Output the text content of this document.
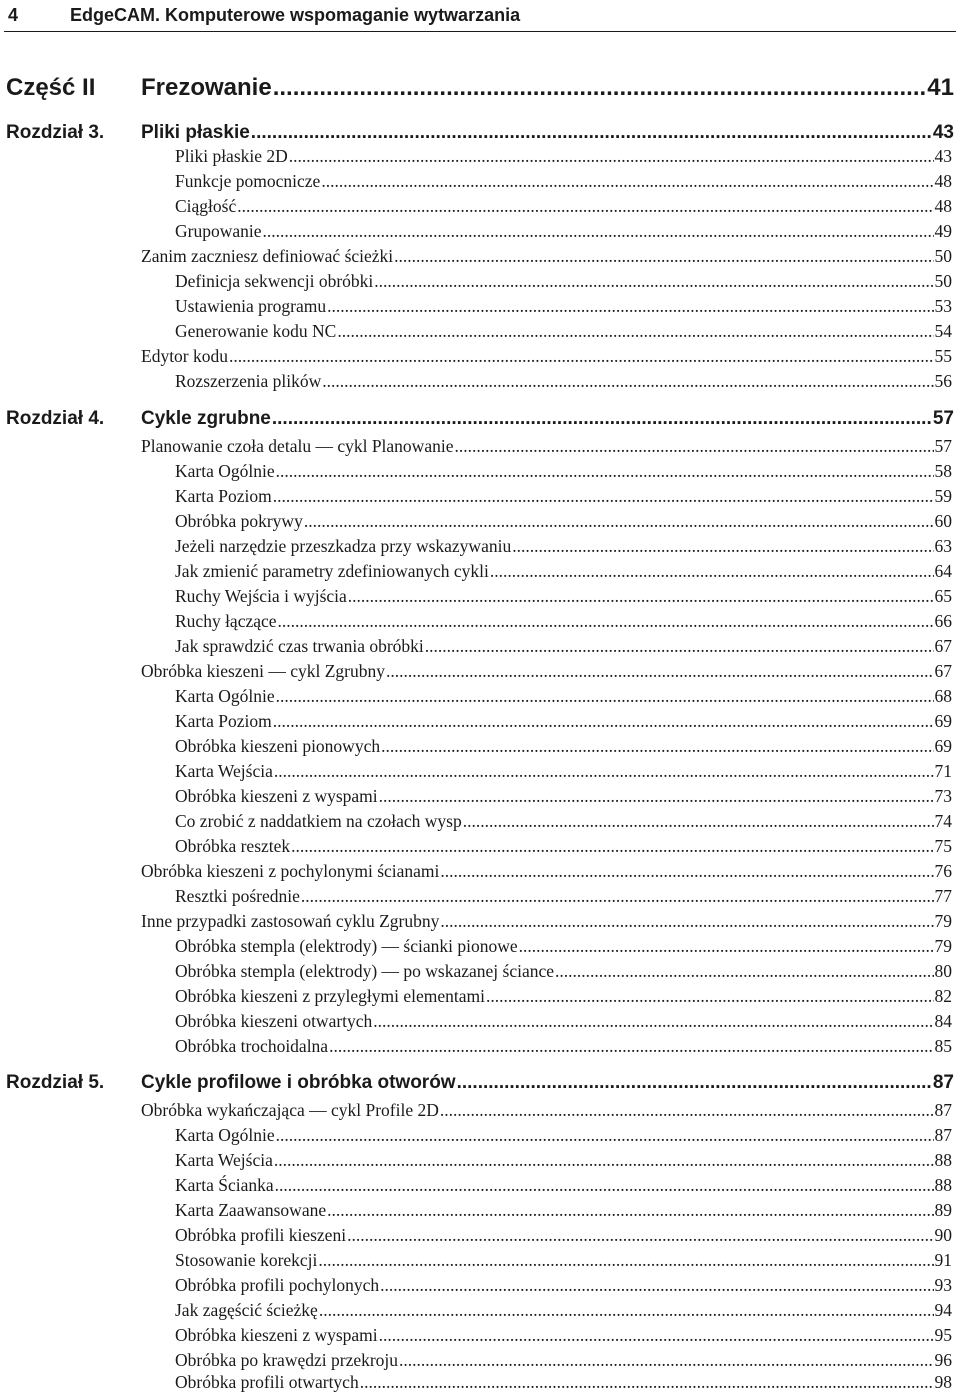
4	EdgeCAM. Komputerowe wspomaganie wytwarzania
Część II Frezowanie .....	41
Rozdział 3. Pliki płaskie .....	43
Pliki płaskie 2D .....	43
Funkcje pomocnicze .....	48
Ciągłość .....	48
Grupowanie .....	49
Zanim zaczniesz definiować ścieżki .....	50
Definicja sekwencji obróbki .....	50
Ustawienia programu .....	53
Generowanie kodu NC .....	54
Edytor kodu .....	55
Rozszerzenia plików .....	56
Rozdział 4. Cykle zgrubne .....	57
Planowanie czoła detalu — cykl Planowanie .....	57
Karta Ogólnie .....	58
Karta Poziom .....	59
Obróbka pokrywy .....	60
Jeżeli narzędzie przeszkadza przy wskazywaniu .....	63
Jak zmienić parametry zdefiniowanych cykli .....	64
Ruchy Wejścia i wyjścia .....	65
Ruchy łączące .....	66
Jak sprawdzić czas trwania obróbki .....	67
Obróbka kieszeni — cykl Zgrubny .....	67
Karta Ogólnie .....	68
Karta Poziom .....	69
Obróbka kieszeni pionowych .....	69
Karta Wejścia .....	71
Obróbka kieszeni z wyspami .....	73
Co zrobić z naddatkiem na czołach wysp .....	74
Obróbka resztek .....	75
Obróbka kieszeni z pochylonymi ścianami .....	76
Resztki pośrednie .....	77
Inne przypadki zastosowań cyklu Zgrubny .....	79
Obróbka stempla (elektrody) — ścianki pionowe .....	79
Obróbka stempla (elektrody) — po wskazanej ściance .....	80
Obróbka kieszeni z przyległymi elementami .....	82
Obróbka kieszeni otwartych .....	84
Obróbka trochoidalna .....	85
Rozdział 5. Cykle profilowe i obróbka otworów .....	87
Obróbka wykańczająca — cykl Profile 2D .....	87
Karta Ogólnie .....	87
Karta Wejścia .....	88
Karta Ścianka .....	88
Karta Zaawansowane .....	89
Obróbka profili kieszeni .....	90
Stosowanie korekcji .....	91
Obróbka profili pochylonych .....	93
Jak zagęścić ścieżkę .....	94
Obróbka kieszeni z wyspami .....	95
Obróbka po krawędzi przekroju .....	96
Obróbka profili otwartych .....	98
